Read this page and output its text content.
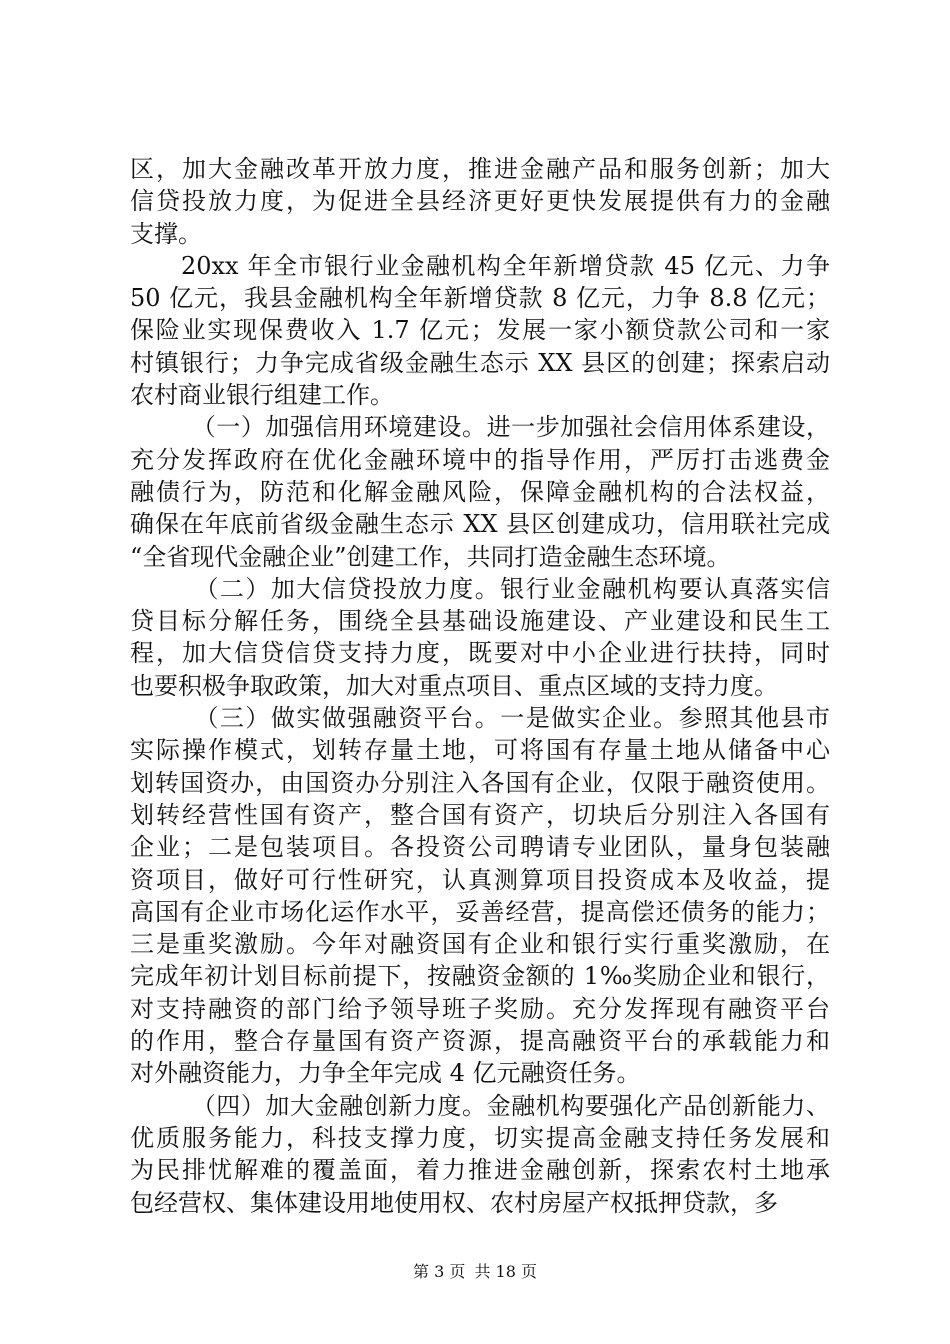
区，加大金融改革开放力度，推进金融产品和服务创新；加大
信贷投放力度，为促进全县经济更好更快发展提供有力的金融
支撑。
　　20xx 年全市银行业金融机构全年新增贷款 45 亿元、力争
50 亿元，我县金融机构全年新增贷款 8 亿元，力争 8.8 亿元；
保险业实现保费收入 1.7 亿元；发展一家小额贷款公司和一家
村镇银行；力争完成省级金融生态示 XX 县区的创建；探索启动
农村商业银行组建工作。
　　　（一）加强信用环境建设。进一步加强社会信用体系建设，
充分发挥政府在优化金融环境中的指导作用，严厉打击逃费金
融债行为，防范和化解金融风险，保障金融机构的合法权益，
确保在年底前省级金融生态示 XX 县区创建成功，信用联社完成
“全省现代金融企业”创建工作，共同打造金融生态环境。
　　　（二）加大信贷投放力度。银行业金融机构要认真落实信
贷目标分解任务，围绕全县基础设施建设、产业建设和民生工
程，加大信贷信贷支持力度，既要对中小企业进行扶持，同时
也要积极争取政策，加大对重点项目、重点区域的支持力度。
　　　（三）做实做强融资平台。一是做实企业。参照其他县市
实际操作模式，划转存量土地，可将国有存量土地从储备中心
划转国资办，由国资办分别注入各国有企业，仅限于融资使用。
划转经营性国有资产，整合国有资产，切块后分别注入各国有
企业；二是包装项目。各投资公司聘请专业团队，量身包装融
资项目，做好可行性研究，认真测算项目投资成本及收益，提
高国有企业市场化运作水平，妥善经营，提高偿还债务的能力；
三是重奖激励。今年对融资国有企业和银行实行重奖激励，在
完成年初计划目标前提下，按融资金额的 1‰奖励企业和银行，
对支持融资的部门给予领导班子奖励。充分发挥现有融资平台
的作用，整合存量国有资产资源，提高融资平台的承载能力和
对外融资能力，力争全年完成 4 亿元融资任务。
　　　（四）加大金融创新力度。金融机构要强化产品创新能力、
优质服务能力，科技支撑力度，切实提高金融支持任务发展和
为民排忧解难的覆盖面，着力推进金融创新，探索农村土地承
包经营权、集体建设用地使用权、农村房屋产权抵押贷款，多
第 3 页 共 18 页
